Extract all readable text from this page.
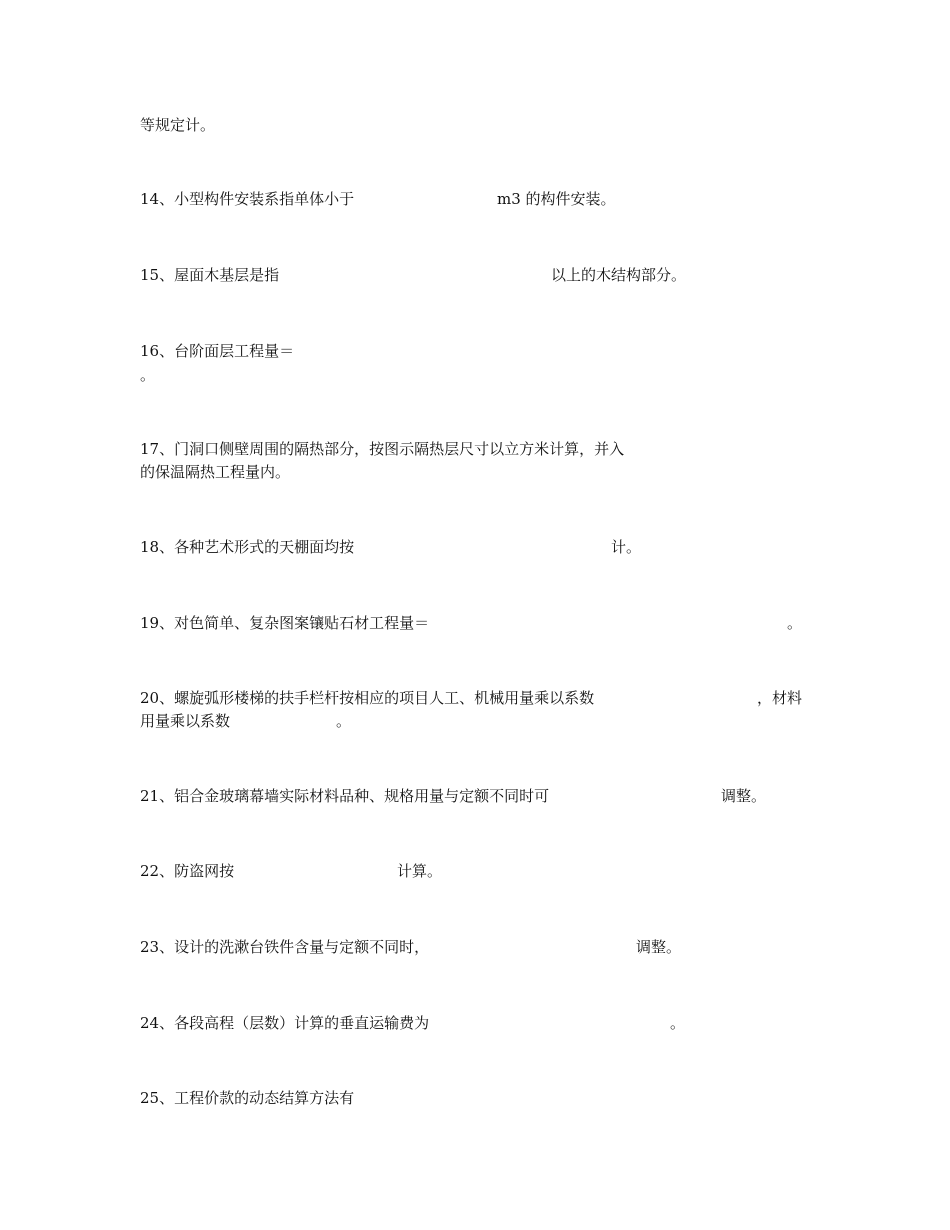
等规定计。
14、小型构件安装系指单体小于	m3 的构件安装。
15、屋面木基层是指	以上的木结构部分。
16、台阶面层工程量＝
。
17、门洞口侧壁周围的隔热部分，按图示隔热层尺寸以立方米计算，并入
的保温隔热工程量内。
18、各种艺术形式的天棚面均按	计。
19、对色简单、复杂图案镶贴石材工程量＝	。
20、螺旋弧形楼梯的扶手栏杆按相应的项目人工、机械用量乘以系数	，材料
用量乘以系数	。
21、铝合金玻璃幕墙实际材料品种、规格用量与定额不同时可	调整。
22、防盗网按	计算。
23、设计的洗漱台铁件含量与定额不同时，	调整。
24、各段高程（层数）计算的垂直运输费为	。
25、工程价款的动态结算方法有
